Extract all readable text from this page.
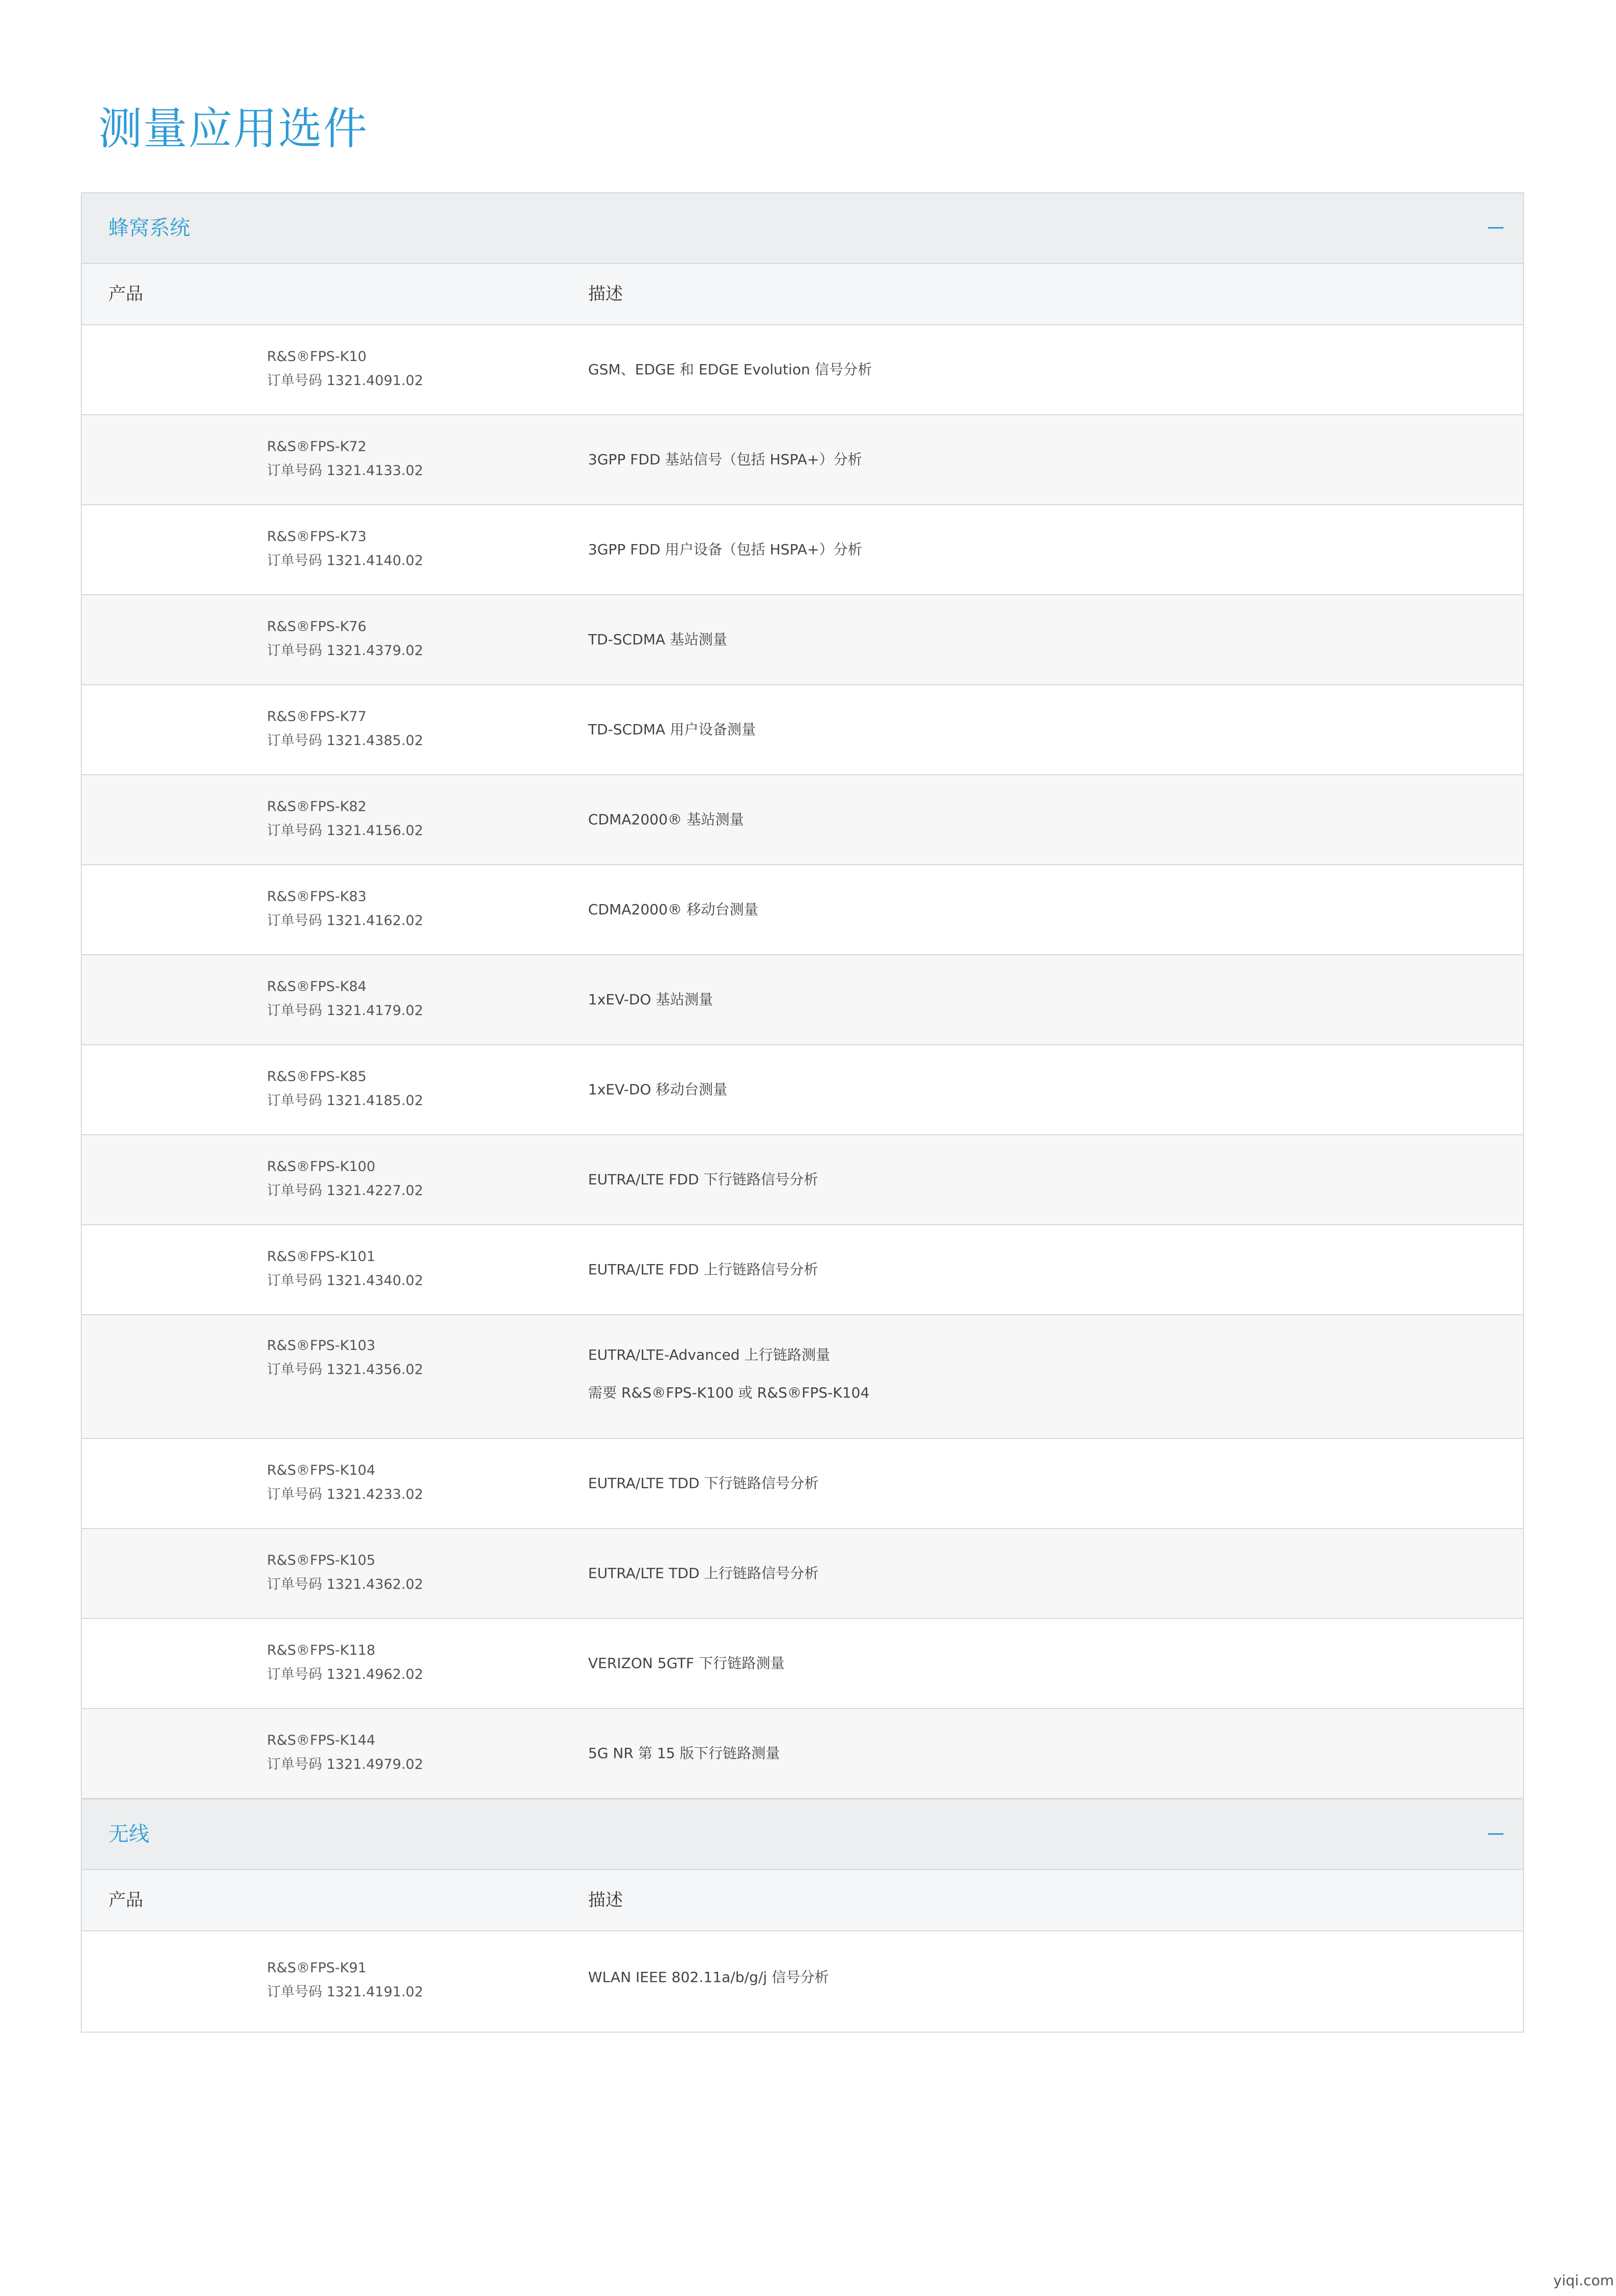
测量应用选件
蜂窝系统
产品	描述
R&S®FPS-K10
订单号码 1321.4091.02
GSM、EDGE 和 EDGE Evolution 信号分析
R&S®FPS-K72
订单号码 1321.4133.02
3GPP FDD 基站信号（包括 HSPA+）分析
R&S®FPS-K73
订单号码 1321.4140.02
3GPP FDD 用户设备（包括 HSPA+）分析
R&S®FPS-K76
订单号码 1321.4379.02
TD-SCDMA 基站测量
R&S®FPS-K77
订单号码 1321.4385.02
TD-SCDMA 用户设备测量
R&S®FPS-K82
订单号码 1321.4156.02
CDMA2000® 基站测量
R&S®FPS-K83
订单号码 1321.4162.02
CDMA2000® 移动台测量
R&S®FPS-K84
订单号码 1321.4179.02
1xEV-DO 基站测量
R&S®FPS-K85
订单号码 1321.4185.02
1xEV-DO 移动台测量
R&S®FPS-K100
订单号码 1321.4227.02
EUTRA/LTE FDD 下行链路信号分析
R&S®FPS-K101
订单号码 1321.4340.02
EUTRA/LTE FDD 上行链路信号分析
R&S®FPS-K103
订单号码 1321.4356.02
EUTRA/LTE-Advanced 上行链路测量
需要 R&S®FPS-K100 或 R&S®FPS-K104
R&S®FPS-K104
订单号码 1321.4233.02
EUTRA/LTE TDD 下行链路信号分析
R&S®FPS-K105
订单号码 1321.4362.02
EUTRA/LTE TDD 上行链路信号分析
R&S®FPS-K118
订单号码 1321.4962.02
VERIZON 5GTF 下行链路测量
R&S®FPS-K144
订单号码 1321.4979.02
5G NR 第 15 版下行链路测量
无线
产品	描述
R&S®FPS-K91
订单号码 1321.4191.02
WLAN IEEE 802.11a/b/g/j 信号分析
yiqi.com
